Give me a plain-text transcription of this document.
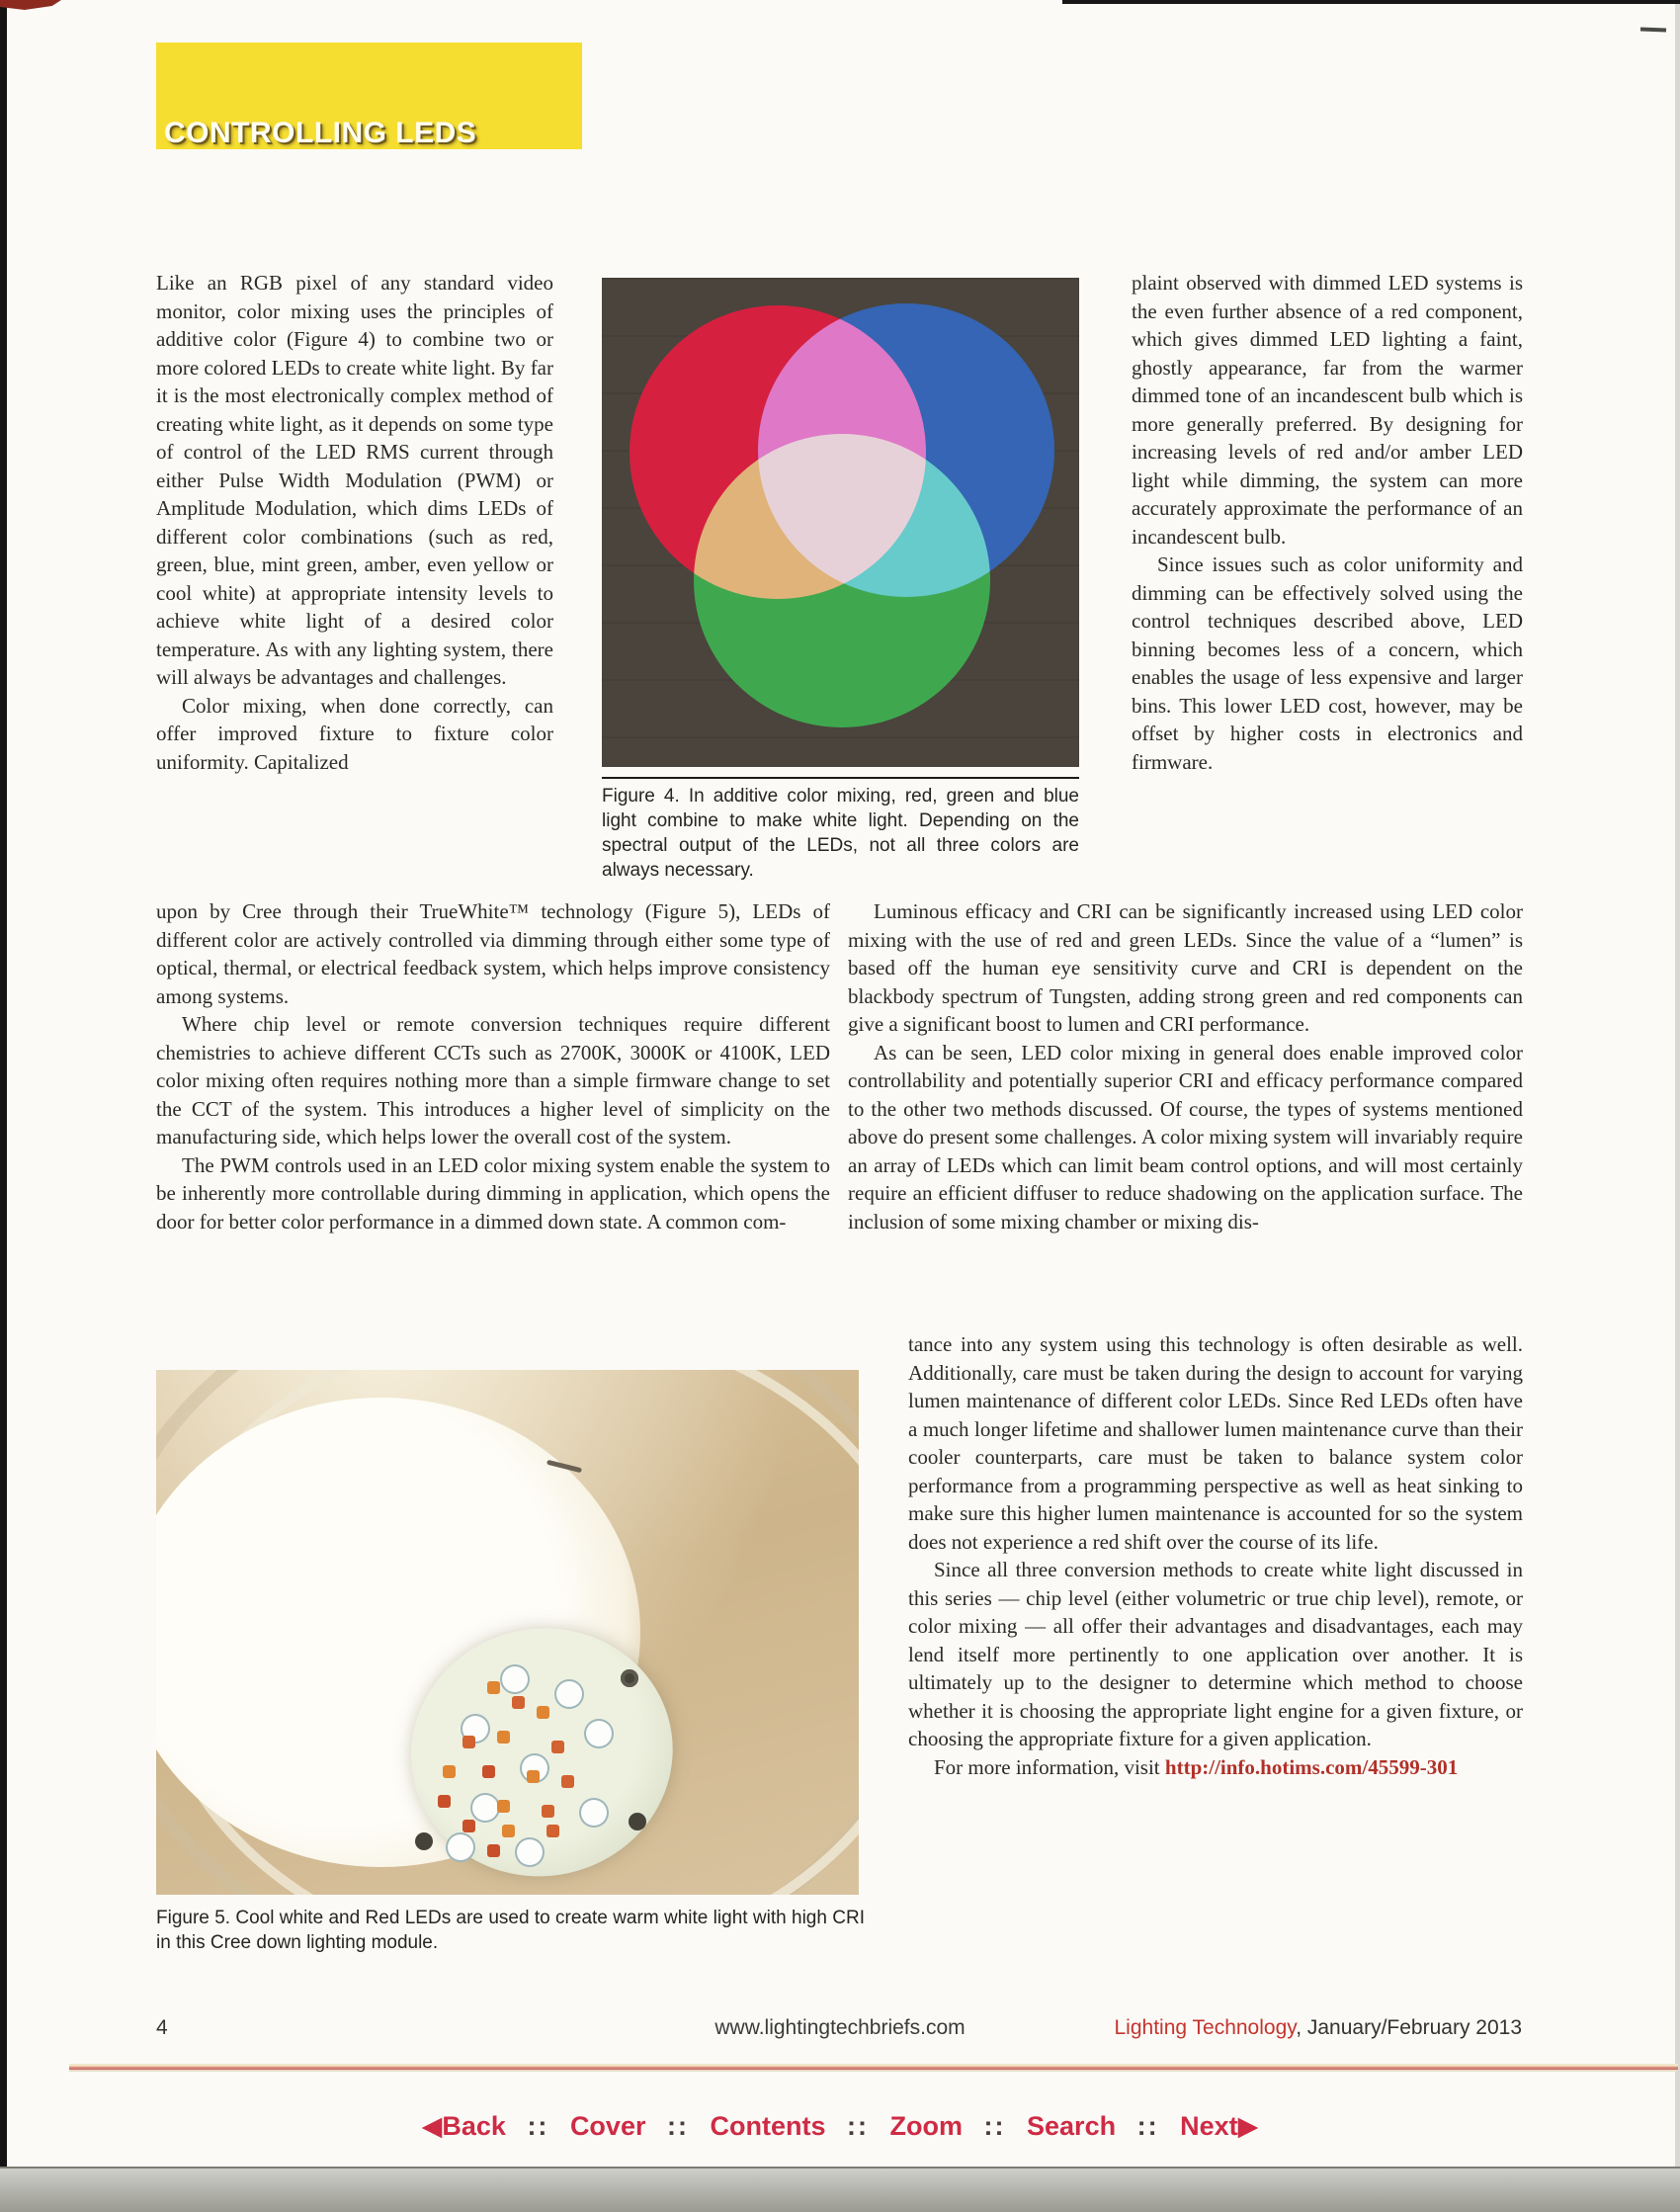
CONTROLLING LEDS

Like an RGB pixel of any standard video monitor, color mixing uses the principles of additive color (Figure 4) to combine two or more colored LEDs to create white light. By far it is the most electronically complex method of creating white light, as it depends on some type of control of the LED RMS current through either Pulse Width Modulation (PWM) or Amplitude Modulation, which dims LEDs of different color combinations (such as red, green, blue, mint green, amber, even yellow or cool white) at appropriate intensity levels to achieve white light of a desired color temperature. As with any lighting system, there will always be advantages and challenges.

Color mixing, when done correctly, can offer improved fixture to fixture color uniformity. Capitalized

Figure 4. In additive color mixing, red, green and blue light combine to make white light. Depending on the spectral output of the LEDs, not all three colors are always necessary.

plaint observed with dimmed LED systems is the even further absence of a red component, which gives dimmed LED lighting a faint, ghostly appearance, far from the warmer dimmed tone of an incandescent bulb which is more generally preferred. By designing for increasing levels of red and/or amber LED light while dimming, the system can more accurately approximate the performance of an incandescent bulb.

Since issues such as color uniformity and dimming can be effectively solved using the control techniques described above, LED binning becomes less of a concern, which enables the usage of less expensive and larger bins. This lower LED cost, however, may be offset by higher costs in electronics and firmware.

upon by Cree through their TrueWhite™ technology (Figure 5), LEDs of different color are actively controlled via dimming through either some type of optical, thermal, or electrical feedback system, which helps improve consistency among systems.

Where chip level or remote conversion techniques require different chemistries to achieve different CCTs such as 2700K, 3000K or 4100K, LED color mixing often requires nothing more than a simple firmware change to set the CCT of the system. This introduces a higher level of simplicity on the manufacturing side, which helps lower the overall cost of the system.

The PWM controls used in an LED color mixing system enable the system to be inherently more controllable during dimming in application, which opens the door for better color performance in a dimmed down state. A common com-

Luminous efficacy and CRI can be significantly increased using LED color mixing with the use of red and green LEDs. Since the value of a “lumen” is based off the human eye sensitivity curve and CRI is dependent on the blackbody spectrum of Tungsten, adding strong green and red components can give a significant boost to lumen and CRI performance.

As can be seen, LED color mixing in general does enable improved color controllability and potentially superior CRI and efficacy performance compared to the other two methods discussed. Of course, the types of systems mentioned above do present some challenges. A color mixing system will invariably require an array of LEDs which can limit beam control options, and will most certainly require an efficient diffuser to reduce shadowing on the application surface. The inclusion of some mixing chamber or mixing dis-

tance into any system using this technology is often desirable as well. Additionally, care must be taken during the design to account for varying lumen maintenance of different color LEDs. Since Red LEDs often have a much longer lifetime and shallower lumen maintenance curve than their cooler counterparts, care must be taken to balance system color performance from a programming perspective as well as heat sinking to make sure this higher lumen maintenance is accounted for so the system does not experience a red shift over the course of its life.

Since all three conversion methods to create white light discussed in this series — chip level (either volumetric or true chip level), remote, or color mixing — all offer their advantages and disadvantages, each may lend itself more pertinently to one application over another. It is ultimately up to the designer to determine which method to choose whether it is choosing the appropriate light engine for a given fixture, or choosing the appropriate fixture for a given application.

For more information, visit http://info.hotims.com/45599-301

Figure 5. Cool white and Red LEDs are used to create warm white light with high CRI in this Cree down lighting module.
4	www.lightingtechbriefs.com	Lighting Technology, January/February 2013
◀Back :: Cover :: Contents :: Zoom :: Search :: Next▶
